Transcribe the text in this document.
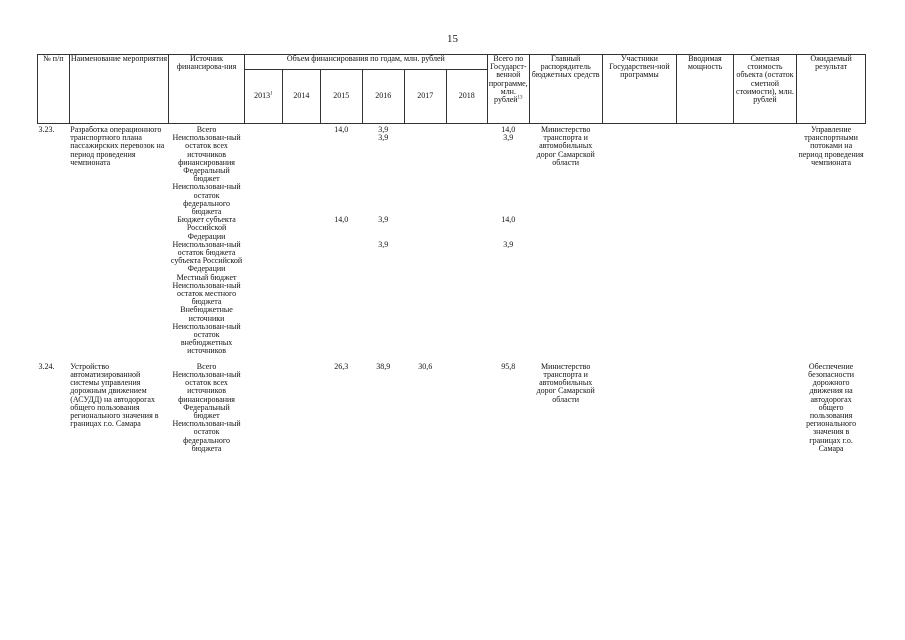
15
№ п/п	Наименование мероприятия	Источник финансирова-ния	Объем финансирования по годам, млн. рублей						Всего по Государст-венной программе, млн. рублей$^{13}$	Главный распорядитель бюджетных средств	Участники Государствен-ной программы	Вводимая мощность	Сметная стоимость объекта (остаток сметной стоимости), млн. рублей	Ожидаемый результат
			2013$^1$	2014	2015	2016	2017	2018						
3.23.	Разработка операционного транспортного плана пассажирских перевозок на период проведения чемпионата	Всего			14,0	3,9			14,0	Министерство транспорта и автомобильных дорог Самарской области				Управление транспортными потоками на период проведения чемпионата
		Неиспользован-ный остаток всех источников финансирования				3,9			3,9					
		Федеральный бюджет												
		Неиспользован-ный остаток федерального бюджета												
		Бюджет субъекта Российской Федерации			14,0	3,9			14,0					
		Неиспользован-ный остаток бюджета субъекта Российской Федерации				3,9			3,9					
		Местный бюджет												
		Неиспользован-ный остаток местного бюджета												
		Внебюджетные источники												
		Неиспользован-ный остаток внебюджетных источников												

3.24.	Устройство автоматизированной системы управления дорожным движением (АСУДД) на автодорогах общего пользования регионального значения в границах г.о. Самара	Всего			26,3	38,9	30,6		95,8	Министерство транспорта и автомобильных дорог Самарской области				Обеспечение безопасности дорожного движения на автодорогах общего пользования регионального значения в границах г.о. Самара
		Неиспользован-ный остаток всех источников финансирования												
		Федеральный бюджет												
		Неиспользован-ный остаток федерального бюджета												
